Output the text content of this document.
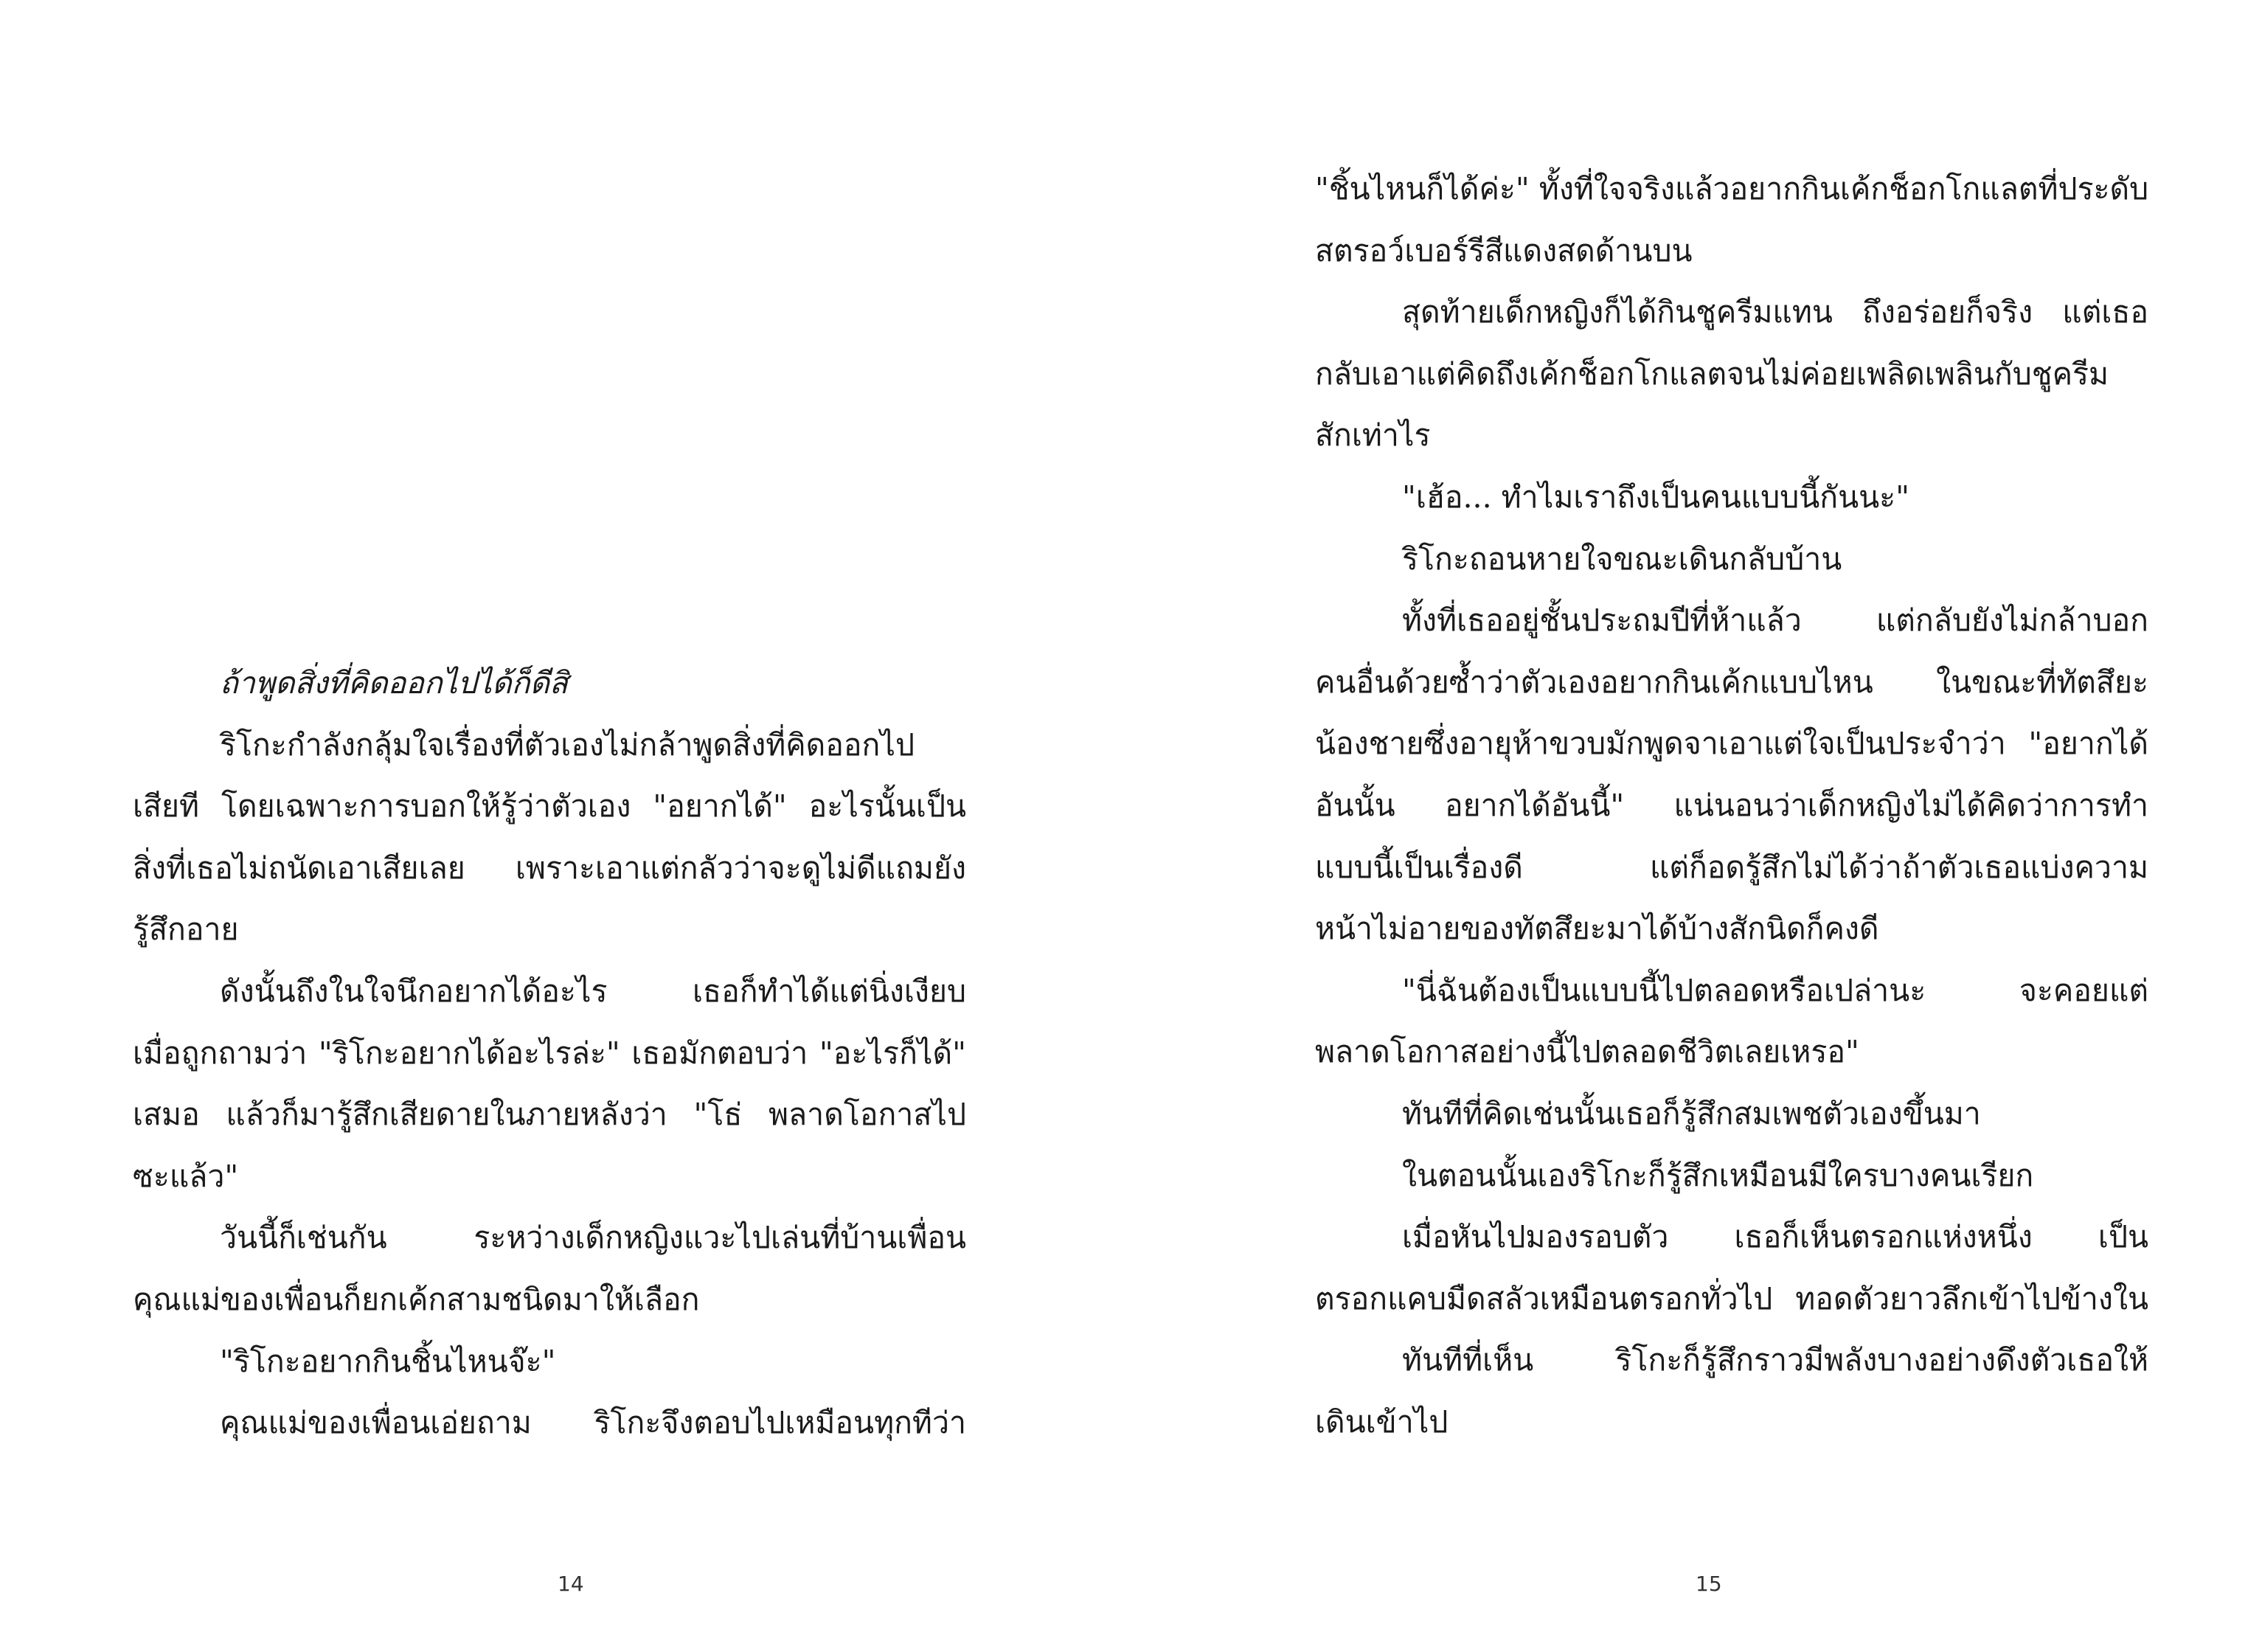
ถ้าพูดสิ่งที่คิดออกไปได้ก็ดีสิ
ริโกะกำลังกลุ้มใจเรื่องที่ตัวเองไม่กล้าพูดสิ่งที่คิดออกไป
เสียที โดยเฉพาะการบอกให้รู้ว่าตัวเอง "อยากได้" อะไรนั้นเป็น
สิ่งที่เธอไม่ถนัดเอาเสียเลย เพราะเอาแต่กลัวว่าจะดูไม่ดีแถมยัง
รู้สึกอาย
ดังนั้นถึงในใจนึกอยากได้อะไร เธอก็ทำได้แต่นิ่งเงียบ
เมื่อถูกถามว่า "ริโกะอยากได้อะไรล่ะ" เธอมักตอบว่า "อะไรก็ได้"
เสมอ แล้วก็มารู้สึกเสียดายในภายหลังว่า "โธ่ พลาดโอกาสไป
ซะแล้ว"
วันนี้ก็เช่นกัน ระหว่างเด็กหญิงแวะไปเล่นที่บ้านเพื่อน
คุณแม่ของเพื่อนก็ยกเค้กสามชนิดมาให้เลือก
"ริโกะอยากกินชิ้นไหนจ๊ะ"
คุณแม่ของเพื่อนเอ่ยถาม ริโกะจึงตอบไปเหมือนทุกทีว่า
14
"ชิ้นไหนก็ได้ค่ะ" ทั้งที่ใจจริงแล้วอยากกินเค้กช็อกโกแลตที่ประดับ
สตรอว์เบอร์รีสีแดงสดด้านบน
สุดท้ายเด็กหญิงก็ได้กินชูครีมแทน ถึงอร่อยก็จริง แต่เธอ
กลับเอาแต่คิดถึงเค้กช็อกโกแลตจนไม่ค่อยเพลิดเพลินกับชูครีม
สักเท่าไร
"เฮ้อ... ทำไมเราถึงเป็นคนแบบนี้กันนะ"
ริโกะถอนหายใจขณะเดินกลับบ้าน
ทั้งที่เธออยู่ชั้นประถมปีที่ห้าแล้ว แต่กลับยังไม่กล้าบอก
คนอื่นด้วยซ้ำว่าตัวเองอยากกินเค้กแบบไหน ในขณะที่ทัตสึยะ
น้องชายซึ่งอายุห้าขวบมักพูดจาเอาแต่ใจเป็นประจำว่า "อยากได้
อันนั้น อยากได้อันนี้" แน่นอนว่าเด็กหญิงไม่ได้คิดว่าการทำ
แบบนี้เป็นเรื่องดี แต่ก็อดรู้สึกไม่ได้ว่าถ้าตัวเธอแบ่งความ
หน้าไม่อายของทัตสึยะมาได้บ้างสักนิดก็คงดี
"นี่ฉันต้องเป็นแบบนี้ไปตลอดหรือเปล่านะ จะคอยแต่
พลาดโอกาสอย่างนี้ไปตลอดชีวิตเลยเหรอ"
ทันทีที่คิดเช่นนั้นเธอก็รู้สึกสมเพชตัวเองขึ้นมา
ในตอนนั้นเองริโกะก็รู้สึกเหมือนมีใครบางคนเรียก
เมื่อหันไปมองรอบตัว เธอก็เห็นตรอกแห่งหนึ่ง เป็น
ตรอกแคบมืดสลัวเหมือนตรอกทั่วไป ทอดตัวยาวลึกเข้าไปข้างใน
ทันทีที่เห็น ริโกะก็รู้สึกราวมีพลังบางอย่างดึงตัวเธอให้
เดินเข้าไป
15
